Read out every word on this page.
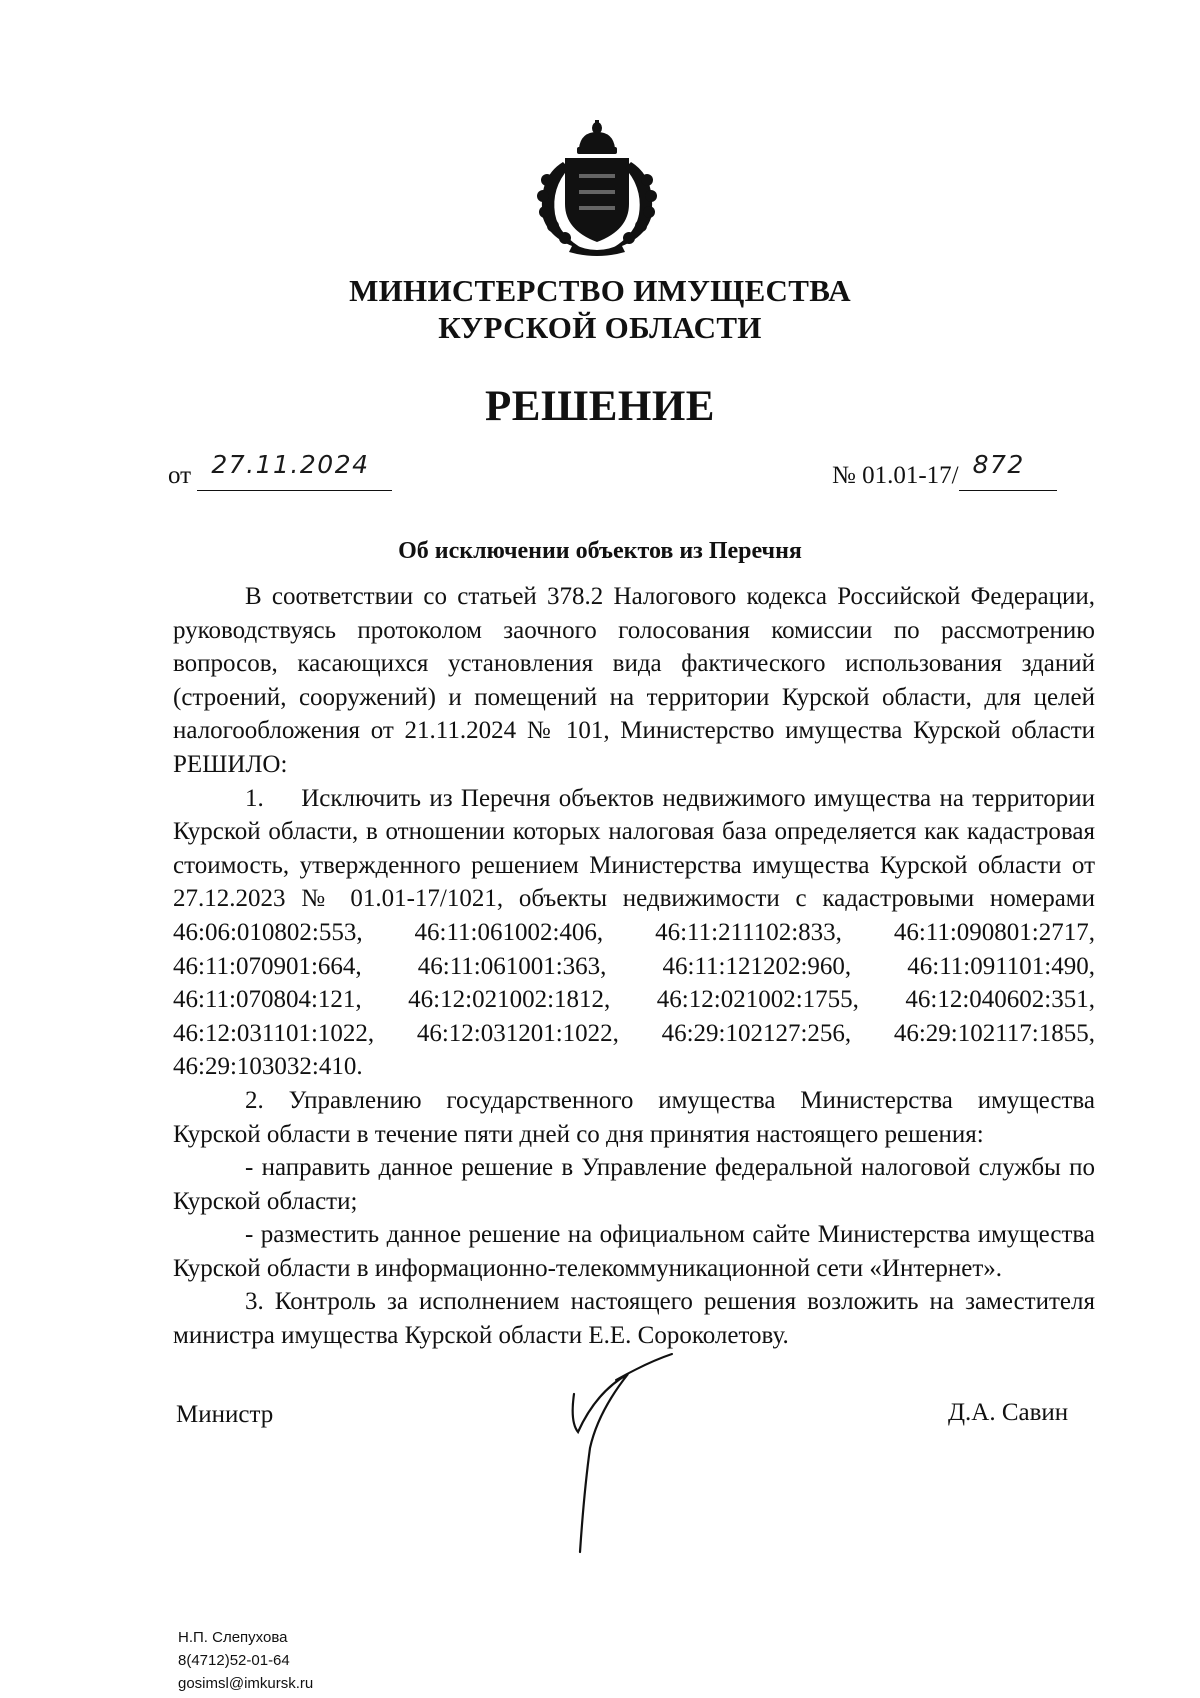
МИНИСТЕРСТВО ИМУЩЕСТВА
КУРСКОЙ ОБЛАСТИ
РЕШЕНИЕ
от 27.11.2024	№ 01.01-17/ 872
Об исключении объектов из Перечня

В соответствии со статьей 378.2 Налогового кодекса Российской Федерации, руководствуясь протоколом заочного голосования комиссии по рассмотрению вопросов, касающихся установления вида фактического использования зданий (строений, сооружений) и помещений на территории Курской области, для целей налогообложения от 21.11.2024 № 101, Министерство имущества Курской области РЕШИЛО:

1.  Исключить из Перечня объектов недвижимого имущества на территории Курской области, в отношении которых налоговая база определяется как кадастровая стоимость, утвержденного решением Министерства имущества Курской области от 27.12.2023 № 01.01-17/1021, объекты недвижимости с кадастровыми номерами 46:06:010802:553, 46:11:061002:406, 46:11:211102:833, 46:11:090801:2717, 46:11:070901:664, 46:11:061001:363, 46:11:121202:960, 46:11:091101:490, 46:11:070804:121, 46:12:021002:1812, 46:12:021002:1755, 46:12:040602:351, 46:12:031101:1022, 46:12:031201:1022, 46:29:102127:256, 46:29:102117:1855, 46:29:103032:410.

2. Управлению государственного имущества Министерства имущества Курской области в течение пяти дней со дня принятия настоящего решения:

- направить данное решение в Управление федеральной налоговой службы по Курской области;

- разместить данное решение на официальном сайте Министерства имущества Курской области в информационно-телекоммуникационной сети «Интернет».

3. Контроль за исполнением настоящего решения возложить на заместителя министра имущества Курской области Е.Е. Сороколетову.

Министр	Д.А. Савин
Н.П. Слепухова
8(4712)52-01-64
gosimsl@imkursk.ru
